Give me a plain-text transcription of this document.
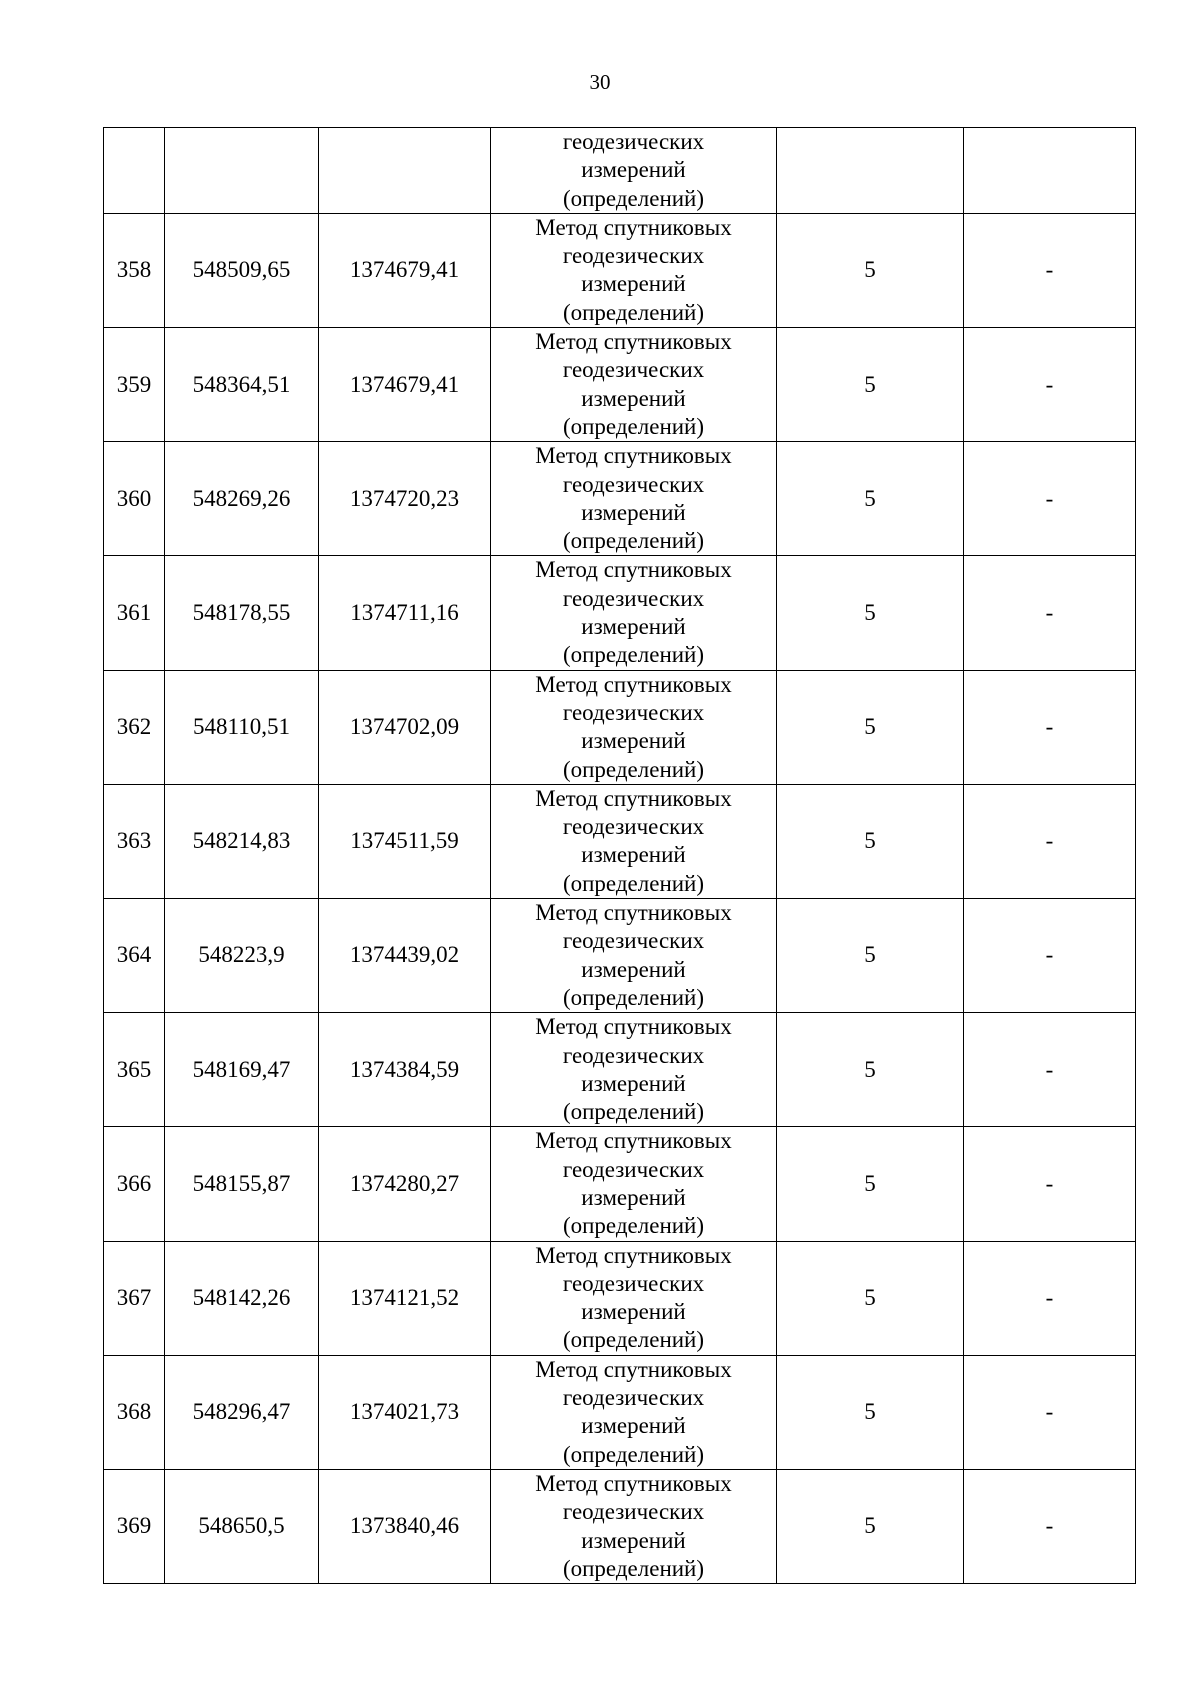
30

			геодезических
измерений
(определений)		

358	548509,65	1374679,41	Метод спутниковых
геодезических
измерений
(определений)	5	-
359	548364,51	1374679,41	Метод спутниковых
геодезических
измерений
(определений)	5	-
360	548269,26	1374720,23	Метод спутниковых
геодезических
измерений
(определений)	5	-
361	548178,55	1374711,16	Метод спутниковых
геодезических
измерений
(определений)	5	-
362	548110,51	1374702,09	Метод спутниковых
геодезических
измерений
(определений)	5	-
363	548214,83	1374511,59	Метод спутниковых
геодезических
измерений
(определений)	5	-
364	548223,9	1374439,02	Метод спутниковых
геодезических
измерений
(определений)	5	-
365	548169,47	1374384,59	Метод спутниковых
геодезических
измерений
(определений)	5	-
366	548155,87	1374280,27	Метод спутниковых
геодезических
измерений
(определений)	5	-
367	548142,26	1374121,52	Метод спутниковых
геодезических
измерений
(определений)	5	-
368	548296,47	1374021,73	Метод спутниковых
геодезических
измерений
(определений)	5	-
369	548650,5	1373840,46	Метод спутниковых
геодезических
измерений
(определений)	5	-
